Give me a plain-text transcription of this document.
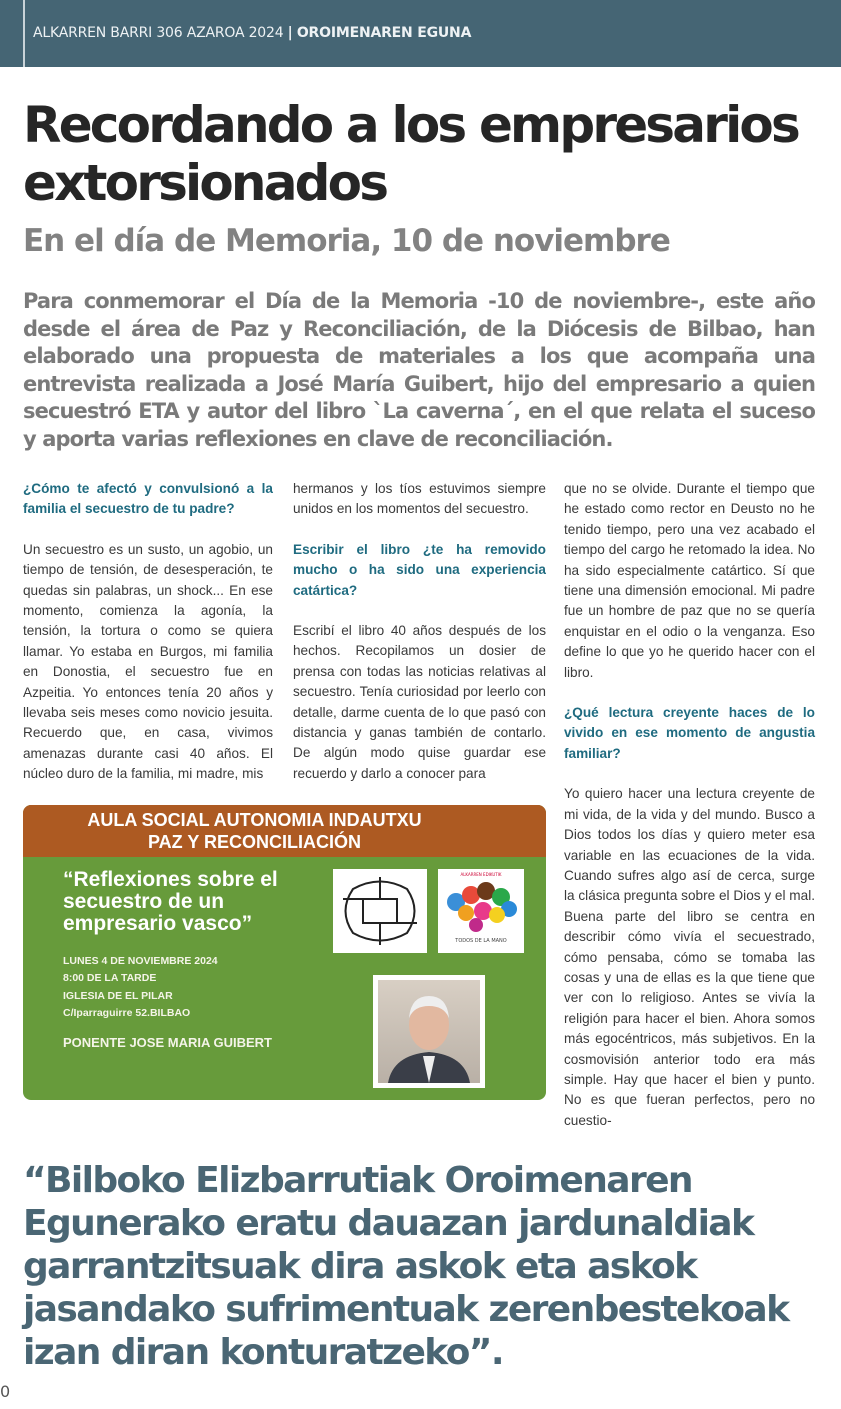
ALKARREN BARRI 306 AZAROA 2024 | OROIMENAREN EGUNA
Recordando a los empresarios extorsionados
En el día de Memoria, 10 de noviembre

Para conmemorar el Día de la Memoria -10 de noviembre-, este año desde el área de Paz y Reconciliación, de la Diócesis de Bilbao, han elaborado una propuesta de materiales a los que acompaña una entrevista realizada a José María Guibert, hijo del empresario a quien secuestró ETA y autor del libro `La caverna´, en el que relata el suceso y aporta varias reflexiones en clave de reconciliación.

¿Cómo te afectó y convulsionó a la familia el secuestro de tu padre?

Un secuestro es un susto, un agobio, un tiempo de tensión, de desesperación, te quedas sin palabras, un shock... En ese momento, comienza la agonía, la tensión, la tortura o como se quiera llamar. Yo estaba en Burgos, mi familia en Donostia, el secuestro fue en Azpeitia. Yo entonces tenía 20 años y llevaba seis meses como novicio jesuita. Recuerdo que, en casa, vivimos amenazas durante casi 40 años. El núcleo duro de la familia, mi madre, mis

hermanos y los tíos estuvimos siempre unidos en los momentos del secuestro.

Escribir el libro ¿te ha removido mucho o ha sido una experiencia catártica?

Escribí el libro 40 años después de los hechos. Recopilamos un dosier de prensa con todas las noticias relativas al secuestro. Tenía curiosidad por leerlo con detalle, darme cuenta de lo que pasó con distancia y ganas también de contarlo. De algún modo quise guardar ese recuerdo y darlo a conocer para

AULA SOCIAL AUTONOMIA INDAUTXU
PAZ Y RECONCILIACIÓN
“Reflexiones sobre el secuestro de un empresario vasco”
LUNES 4 DE NOVIEMBRE 2024
8:00 DE LA TARDE
IGLESIA DE EL PILAR
C/Iparraguirre 52.BILBAO
PONENTE JOSE MARIA GUIBERT
ALKARREN EDIKUTIK
TODOS DE LA MANO

que no se olvide. Durante el tiempo que he estado como rector en Deusto no he tenido tiempo, pero una vez acabado el tiempo del cargo he retomado la idea. No ha sido especialmente catártico. Sí que tiene una dimensión emocional. Mi padre fue un hombre de paz que no se quería enquistar en el odio o la venganza. Eso define lo que yo he querido hacer con el libro.

¿Qué lectura creyente haces de lo vivido en ese momento de angustia familiar?

Yo quiero hacer una lectura creyente de mi vida, de la vida y del mundo. Busco a Dios todos los días y quiero meter esa variable en las ecuaciones de la vida. Cuando sufres algo así de cerca, surge la clásica pregunta sobre el Dios y el mal. Buena parte del libro se centra en describir cómo vivía el secuestrado, cómo pensaba, cómo se tomaba las cosas y una de ellas es la que tiene que ver con lo religioso. Antes se vivía la religión para hacer el bien. Ahora somos más egocéntricos, más subjetivos. En la cosmovisión anterior todo era más simple. Hay que hacer el bien y punto. No es que fueran perfectos, pero no cuestio-

“Bilboko Elizbarrutiak Oroimenaren Egunerako eratu dauazan jardunaldiak garrantzitsuak dira askok eta askok jasandako sufrimentuak zerenbestekoak izan diran konturatzeko”.

0
